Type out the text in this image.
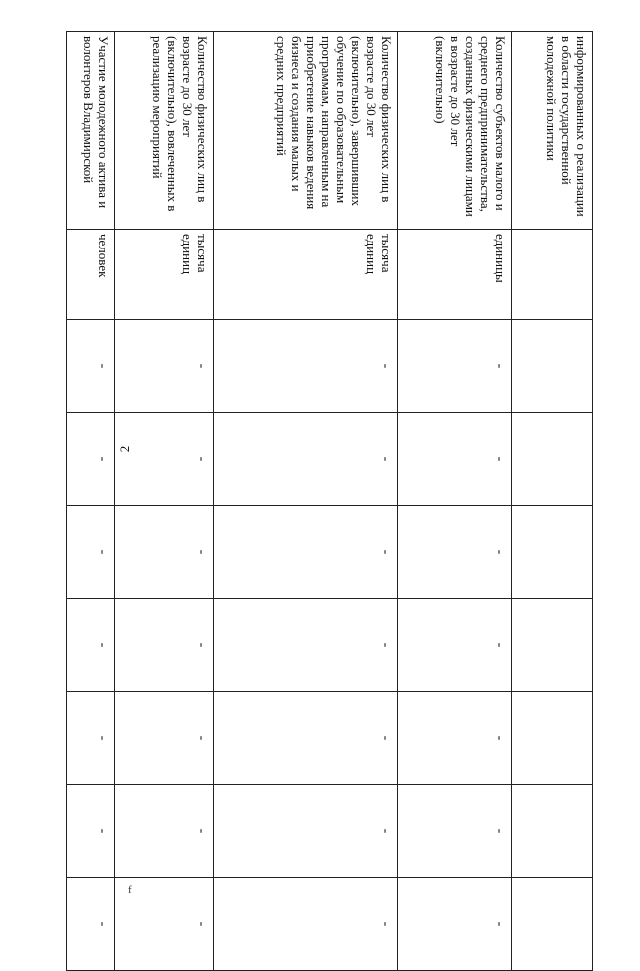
2
f
информированных о реализации в области государственной молодежной политики								
Количество субъектов малого и среднего предпринимательства, созданных физическими лицами в возрасте до 30 лет (включительно)	единицы	-	-	-	-	-	-	-
Количество физических лиц в возрасте до 30 лет (включительно), завершивших обучение по образовательным программам, направленным на приобретение навыков ведения бизнеса и создания малых и средних предприятий	тысяча единиц	-	-	-	-	-	-	-
Количество физических лиц в возрасте до 30 лет (включительно), вовлеченных в реализацию мероприятий	тысяча единиц	-	-	-	-	-	-	-
Участие молодежного актива и волонтеров Владимирской	человек	-	-	-	-	-	-	-
